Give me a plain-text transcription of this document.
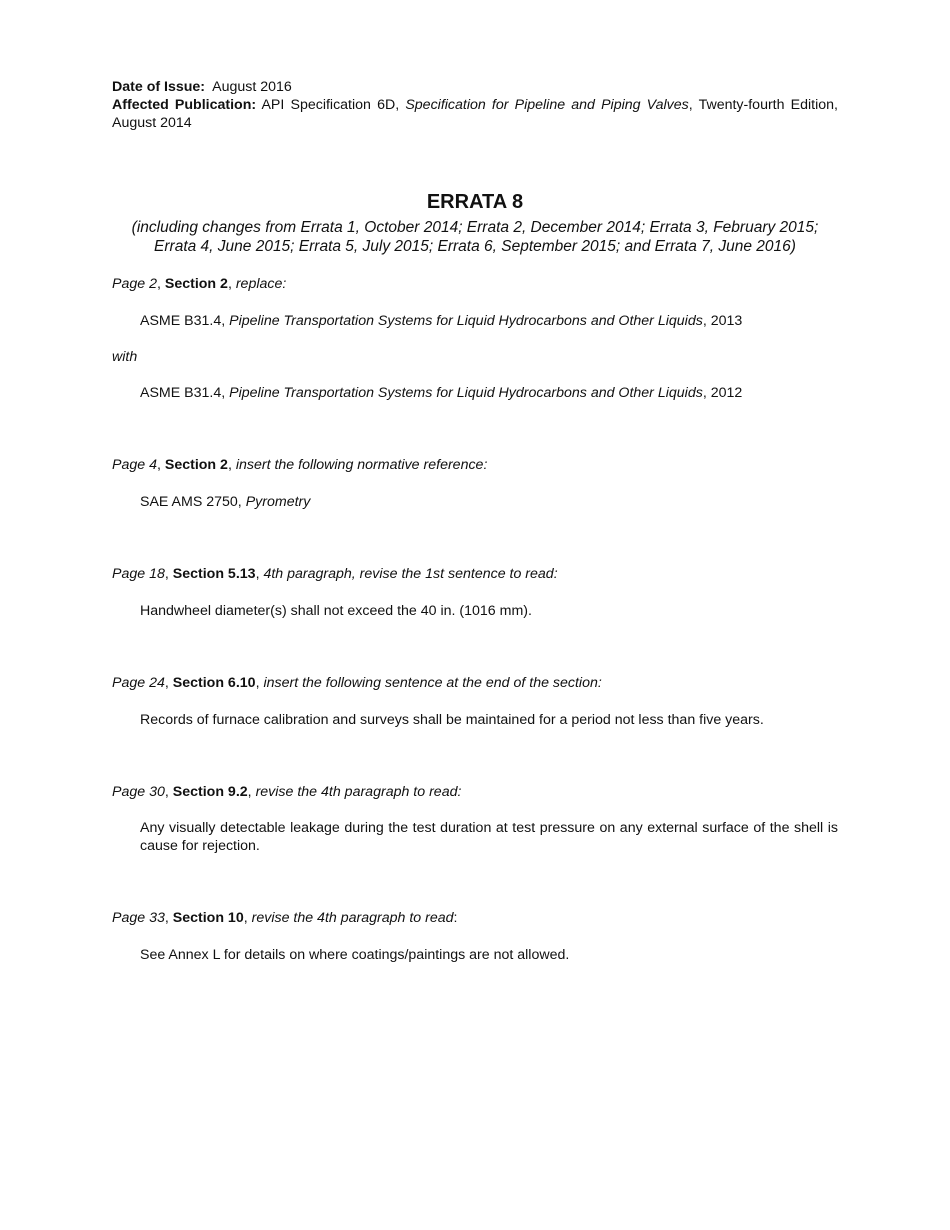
Date of Issue: August 2016

Affected Publication: API Specification 6D, Specification for Pipeline and Piping Valves, Twenty-fourth Edition, August 2014

ERRATA 8

(including changes from Errata 1, October 2014; Errata 2, December 2014; Errata 3, February 2015;

Errata 4, June 2015; Errata 5, July 2015; Errata 6, September 2015; and Errata 7, June 2016)

Page 2, Section 2, replace:

ASME B31.4, Pipeline Transportation Systems for Liquid Hydrocarbons and Other Liquids, 2013

with

ASME B31.4, Pipeline Transportation Systems for Liquid Hydrocarbons and Other Liquids, 2012

Page 4, Section 2, insert the following normative reference:

SAE AMS 2750, Pyrometry

Page 18, Section 5.13, 4th paragraph, revise the 1st sentence to read:

Handwheel diameter(s) shall not exceed the 40 in. (1016 mm).

Page 24, Section 6.10, insert the following sentence at the end of the section:

Records of furnace calibration and surveys shall be maintained for a period not less than five years.

Page 30, Section 9.2, revise the 4th paragraph to read:

Any visually detectable leakage during the test duration at test pressure on any external surface of the shell is cause for rejection.

Page 33, Section 10, revise the 4th paragraph to read:

See Annex L for details on where coatings/paintings are not allowed.
